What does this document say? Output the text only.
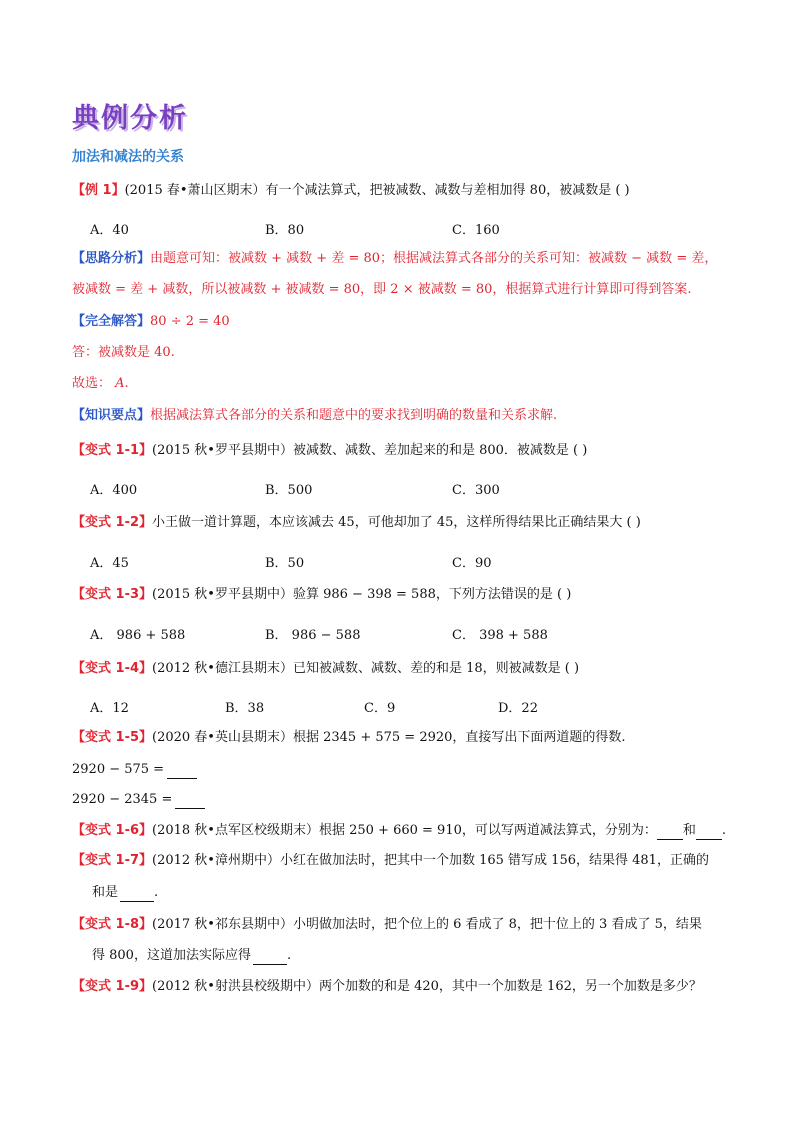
典例分析
加法和减法的关系
【例 1】(2015 春•萧山区期末）有一个减法算式，把被减数、减数与差相加得 80，被减数是 ( )
A．40	B．80	C．160
【思路分析】由题意可知：被减数 + 减数 + 差 = 80；根据减法算式各部分的关系可知：被减数 − 减数 = 差，
被减数 = 差 + 减数，所以被减数 + 被减数 = 80，即 2 × 被减数 = 80，根据算式进行计算即可得到答案.
【完全解答】80 ÷ 2 = 40
答：被减数是 40.
故选： A.
【知识要点】根据减法算式各部分的关系和题意中的要求找到明确的数量和关系求解.
【变式 1-1】(2015 秋•罗平县期中）被减数、减数、差加起来的和是 800．被减数是 ( )
A．400	B．500	C．300
【变式 1-2】小王做一道计算题，本应该减去 45，可他却加了 45，这样所得结果比正确结果大 ( )
A．45	B．50	C．90
【变式 1-3】(2015 秋•罗平县期中）验算 986 − 398 = 588，下列方法错误的是 ( )
A． 986 + 588	B． 986 − 588	C． 398 + 588
【变式 1-4】(2012 秋•德江县期末）已知被减数、减数、差的和是 18，则被减数是 ( )
A．12	B．38	C．9	D．22
【变式 1-5】(2020 春•英山县期末）根据 2345 + 575 = 2920，直接写出下面两道题的得数.
2920 − 575 =
2920 − 2345 =
【变式 1-6】(2018 秋•点军区校级期末）根据 250 + 660 = 910，可以写两道减法算式，分别为： 和 .
【变式 1-7】(2012 秋•漳州期中）小红在做加法时，把其中一个加数 165 错写成 156，结果得 481，正确的
和是	.
【变式 1-8】(2017 秋•祁东县期中）小明做加法时，把个位上的 6 看成了 8，把十位上的 3 看成了 5，结果
得 800，这道加法实际应得	.
【变式 1-9】(2012 秋•射洪县校级期中）两个加数的和是 420，其中一个加数是 162，另一个加数是多少？
